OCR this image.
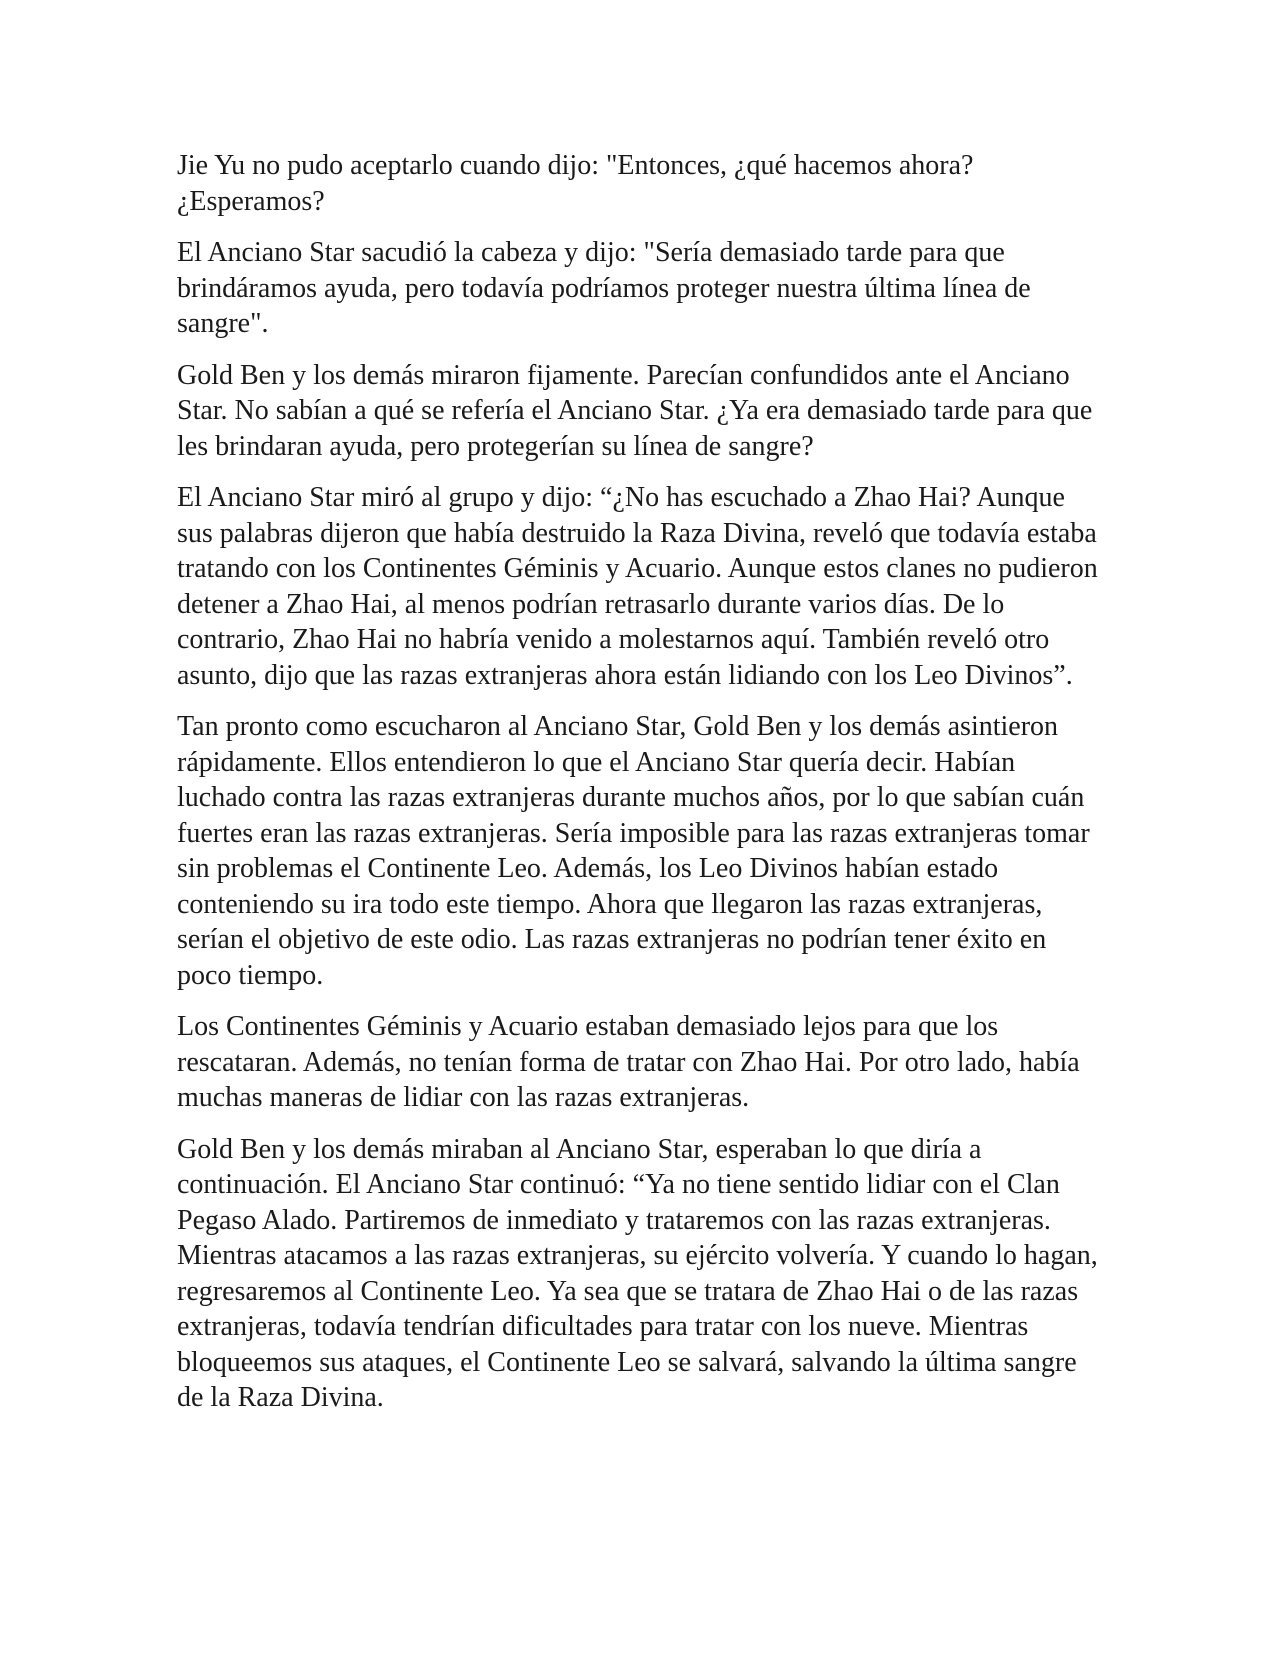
Jie Yu no pudo aceptarlo cuando dijo: "Entonces, ¿qué hacemos ahora? ¿Esperamos?

El Anciano Star sacudió la cabeza y dijo: "Sería demasiado tarde para que brindáramos ayuda, pero todavía podríamos proteger nuestra última línea de sangre".

Gold Ben y los demás miraron fijamente. Parecían confundidos ante el Anciano Star. No sabían a qué se refería el Anciano Star. ¿Ya era demasiado tarde para que les brindaran ayuda, pero protegerían su línea de sangre?

El Anciano Star miró al grupo y dijo: “¿No has escuchado a Zhao Hai? Aunque sus palabras dijeron que había destruido la Raza Divina, reveló que todavía estaba tratando con los Continentes Géminis y Acuario. Aunque estos clanes no pudieron detener a Zhao Hai, al menos podrían retrasarlo durante varios días. De lo contrario, Zhao Hai no habría venido a molestarnos aquí. También reveló otro asunto, dijo que las razas extranjeras ahora están lidiando con los Leo Divinos”.

Tan pronto como escucharon al Anciano Star, Gold Ben y los demás asintieron rápidamente. Ellos entendieron lo que el Anciano Star quería decir. Habían luchado contra las razas extranjeras durante muchos años, por lo que sabían cuán fuertes eran las razas extranjeras. Sería imposible para las razas extranjeras tomar sin problemas el Continente Leo. Además, los Leo Divinos habían estado conteniendo su ira todo este tiempo. Ahora que llegaron las razas extranjeras, serían el objetivo de este odio. Las razas extranjeras no podrían tener éxito en poco tiempo.

Los Continentes Géminis y Acuario estaban demasiado lejos para que los rescataran. Además, no tenían forma de tratar con Zhao Hai. Por otro lado, había muchas maneras de lidiar con las razas extranjeras.

Gold Ben y los demás miraban al Anciano Star, esperaban lo que diría a continuación. El Anciano Star continuó: “Ya no tiene sentido lidiar con el Clan Pegaso Alado. Partiremos de inmediato y trataremos con las razas extranjeras. Mientras atacamos a las razas extranjeras, su ejército volvería. Y cuando lo hagan, regresaremos al Continente Leo. Ya sea que se tratara de Zhao Hai o de las razas extranjeras, todavía tendrían dificultades para tratar con los nueve. Mientras bloqueemos sus ataques, el Continente Leo se salvará, salvando la última sangre de la Raza Divina.
